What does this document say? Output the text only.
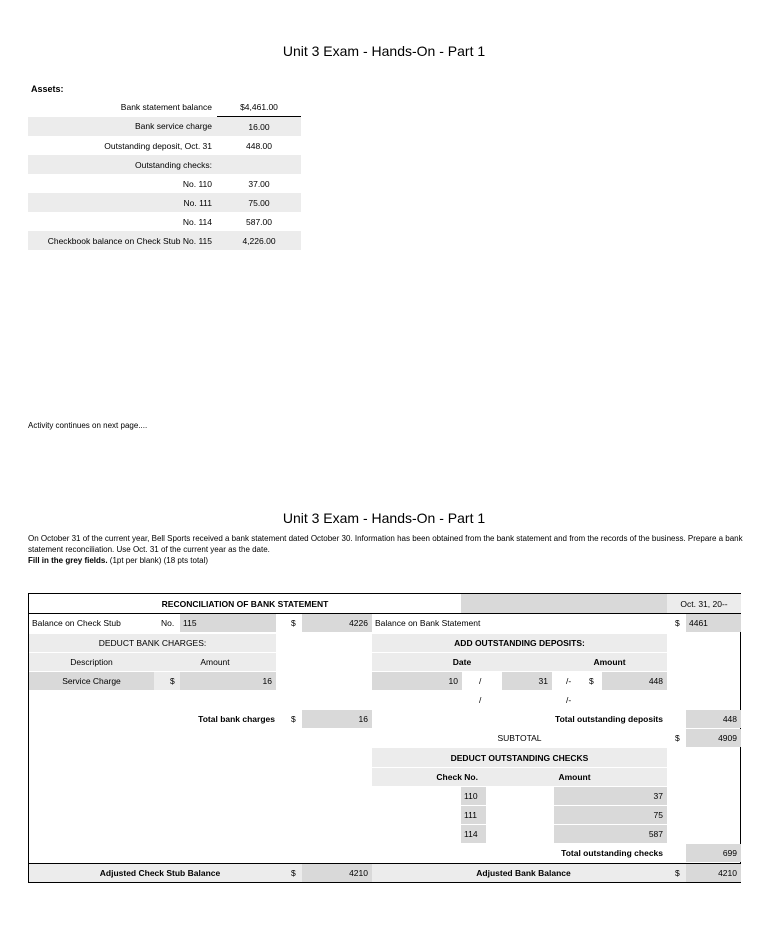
Unit 3 Exam - Hands-On - Part 1
Assets:
Bank statement balance	$4,461.00
Bank service charge	16.00
Outstanding deposit, Oct. 31	448.00
Outstanding checks:	
No. 110	37.00
No. 111	75.00
No. 114	587.00
Checkbook balance on Check Stub No. 115	4,226.00
Activity continues on next page....
Unit 3 Exam - Hands-On - Part 1
On October 31 of the current year, Bell Sports received a bank statement dated October 30. Information has been obtained from the bank statement and from the records of the business. Prepare a bank statement reconciliation. Use Oct. 31 of the current year as the date.
Fill in the grey fields. (1pt per blank) (18 pts total)
RECONCILIATION OF BANK STATEMENT	Oct. 31, 20--
Balance on Check Stub	No.	115	$	4226 Balance on Bank Statement	$	4461
DEDUCT BANK CHARGES:	ADD OUTSTANDING DEPOSITS:
Description	Amount	Date	Amount
Service Charge	$	16	10	/	31	/-	$	448
/	/-
Total bank charges	$	16	Total outstanding deposits	448
SUBTOTAL	$	4909
DEDUCT OUTSTANDING CHECKS
Check No.	Amount
110	37
111	75
114	587
Total outstanding checks	699
Adjusted Check Stub Balance	$	4210	Adjusted Bank Balance	$	4210
